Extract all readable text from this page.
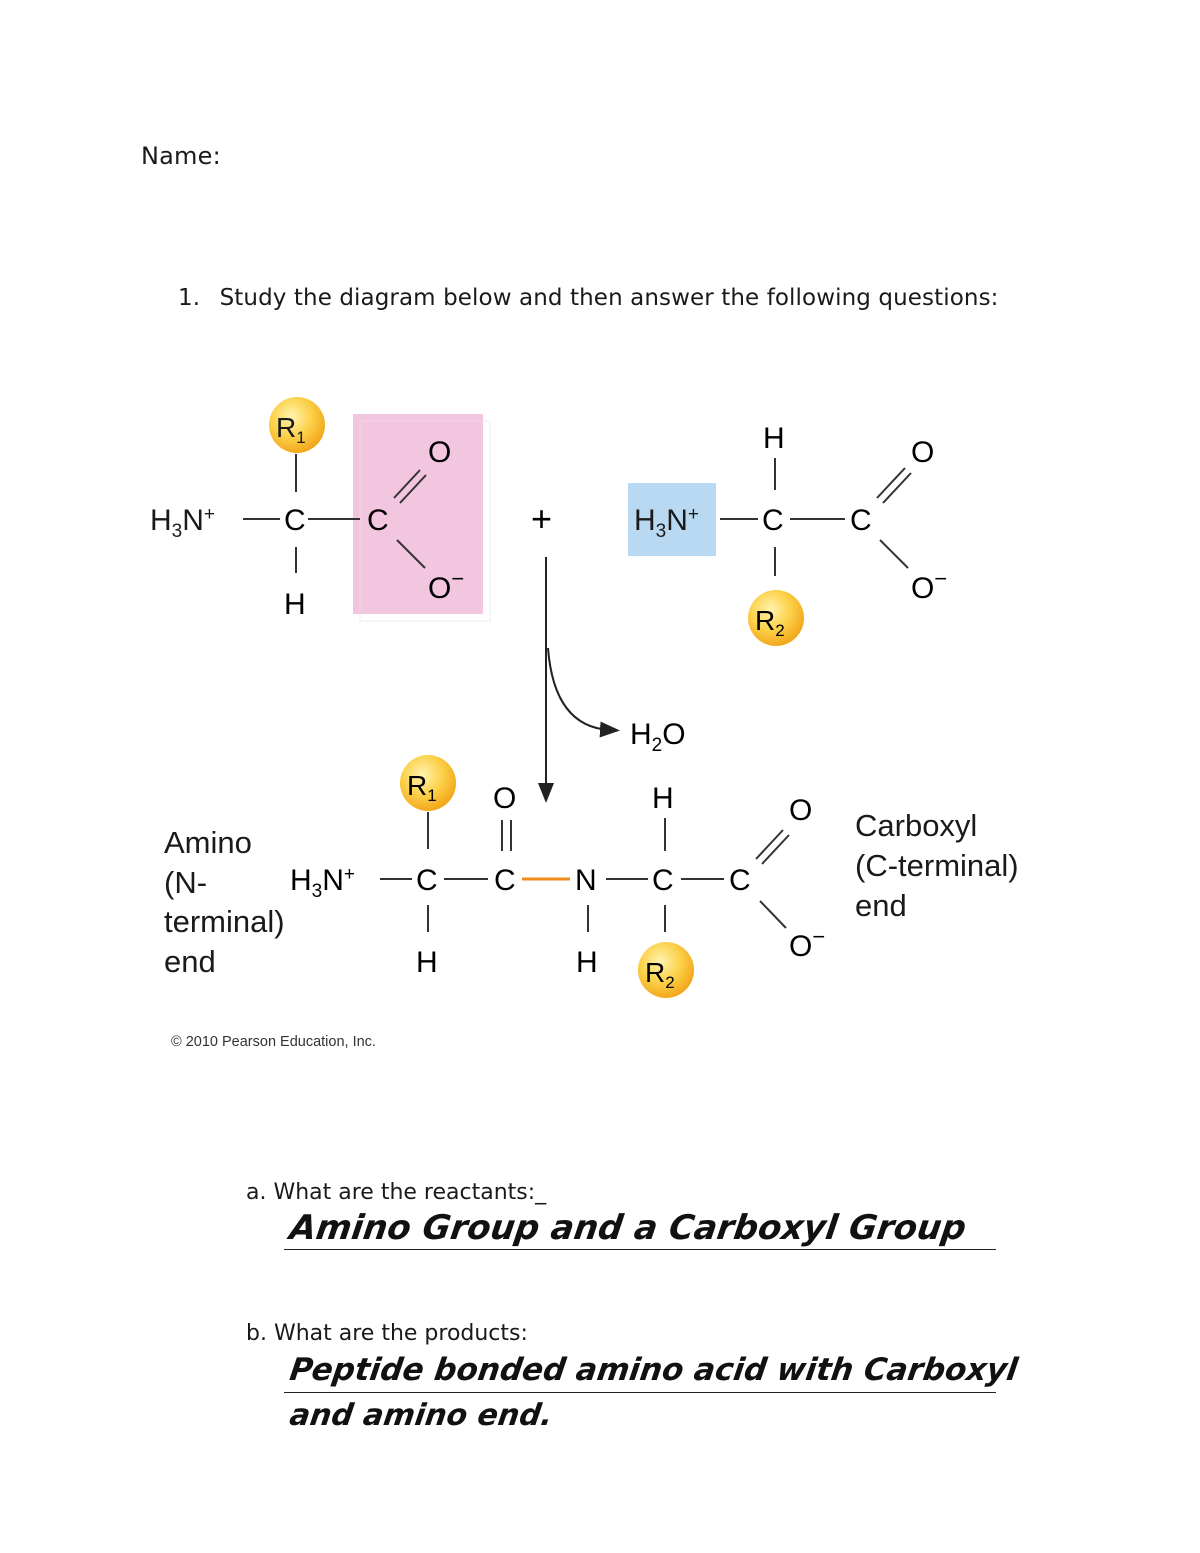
Name:
1. Study the diagram below and then answer the following questions:
$R_1$
$H_3N^+$ C
H
C
O
O−
+	$H_3N^+$ C
H
$R_2$
C
O
O−
$H_2O$
Amino (N- terminal) end
$R_1$
$H_3N^+$ C
H
O
C N
H
H
C
$R_2$
C
O
O−
Carboxyl (C-terminal) end
© 2010 Pearson Education, Inc.
a. What are the reactants:_
Amino Group and a Carboxyl Group
b. What are the products:
Peptide bonded amino acid with Carboxyl
and amino end.
